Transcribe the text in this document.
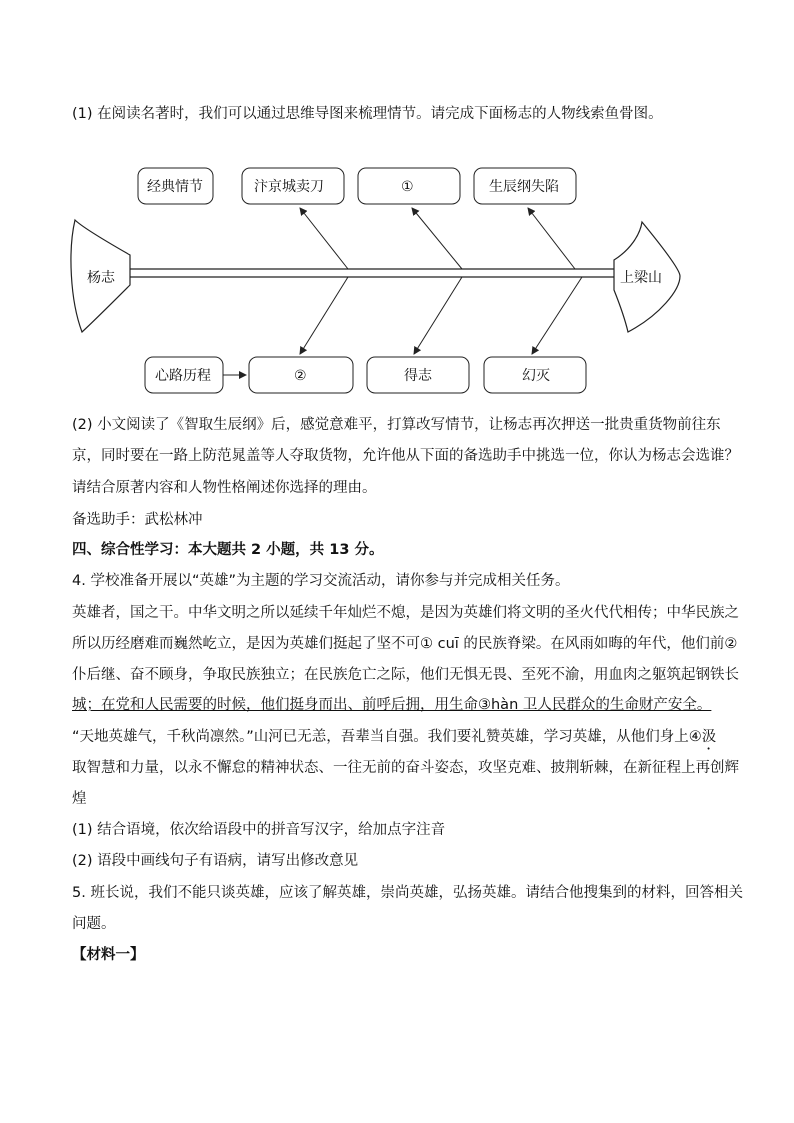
(1) 在阅读名著时，我们可以通过思维导图来梳理情节。请完成下面杨志的人物线索鱼骨图。
杨志	上梁山
经典情节	汴京城卖刀	①	生辰纲失陷
心路历程	②	得志	幻灭
(2) 小文阅读了《智取生辰纲》后，感觉意难平，打算改写情节，让杨志再次押送一批贵重货物前往东
京，同时要在一路上防范晁盖等人夺取货物，允许他从下面的备选助手中挑选一位，你认为杨志会选谁？
请结合原著内容和人物性格阐述你选择的理由。
备选助手：武松林冲
四、综合性学习：本大题共 2 小题，共 13 分。
4. 学校准备开展以“英雄”为主题的学习交流活动，请你参与并完成相关任务。
英雄者，国之干。中华文明之所以延续千年灿烂不熄，是因为英雄们将文明的圣火代代相传；中华民族之
所以历经磨难而巍然屹立，是因为英雄们挺起了坚不可① cuī 的民族脊梁。在风雨如晦的年代，他们前②
仆后继、奋不顾身，争取民族独立；在民族危亡之际，他们无惧无畏、至死不渝，用血肉之躯筑起钢铁长
城；在党和人民需要的时候，他们挺身而出、前呼后拥，用生命③hàn 卫人民群众的生命财产安全。
“天地英雄气，千秋尚凛然。”山河已无恙，吾辈当自强。我们要礼赞英雄，学习英雄，从他们身上④汲
取智慧和力量，以永不懈怠的精神状态、一往无前的奋斗姿态，攻坚克难、披荆斩棘，在新征程上再创辉
煌
(1) 结合语境，依次给语段中的拼音写汉字，给加点字注音
(2) 语段中画线句子有语病，请写出修改意见
5. 班长说，我们不能只谈英雄，应该了解英雄，崇尚英雄，弘扬英雄。请结合他搜集到的材料，回答相关
问题。
【材料一】
